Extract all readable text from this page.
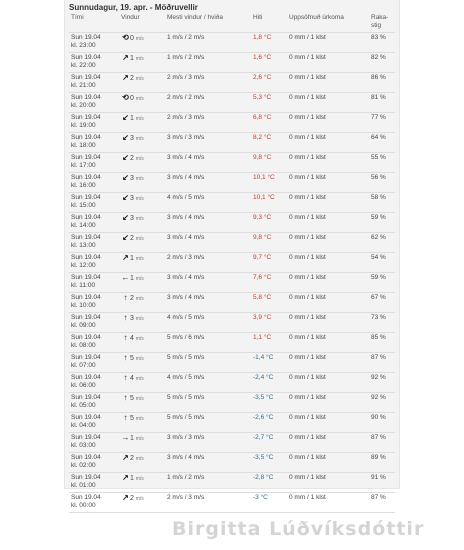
Sunnudagur, 19. apr. - Möðruvellir
Tími	Vindur	Mesti vindur / hviða	Hiti	Uppsöfnuð úrkoma	Raka-stig
Sun 19.04
kl. 23:00	⟲0 m/s	1 m/s / 2 m/s	1,8 °C	0 mm / 1 klst	83 %
Sun 19.04
kl. 22:00	↗1 m/s	1 m/s / 2 m/s	1,6 °C	0 mm / 1 klst	82 %
Sun 19.04
kl. 21:00	↗2 m/s	2 m/s / 3 m/s	2,6 °C	0 mm / 1 klst	86 %
Sun 19.04
kl. 20:00	⟲0 m/s	2 m/s / 2 m/s	5,3 °C	0 mm / 1 klst	81 %
Sun 19.04
kl. 19:00	↙1 m/s	2 m/s / 3 m/s	6,8 °C	0 mm / 1 klst	77 %
Sun 19.04
kl. 18:00	↙3 m/s	3 m/s / 3 m/s	8,2 °C	0 mm / 1 klst	64 %
Sun 19.04
kl. 17:00	↙2 m/s	3 m/s / 4 m/s	9,8 °C	0 mm / 1 klst	55 %
Sun 19.04
kl. 16:00	↙3 m/s	3 m/s / 4 m/s	10,1 °C	0 mm / 1 klst	56 %
Sun 19.04
kl. 15:00	↙3 m/s	4 m/s / 5 m/s	10,1 °C	0 mm / 1 klst	58 %
Sun 19.04
kl. 14:00	↙3 m/s	3 m/s / 4 m/s	9,3 °C	0 mm / 1 klst	59 %
Sun 19.04
kl. 13:00	↙2 m/s	3 m/s / 4 m/s	9,8 °C	0 mm / 1 klst	62 %
Sun 19.04
kl. 12:00	↗1 m/s	2 m/s / 3 m/s	9,7 °C	0 mm / 1 klst	54 %
Sun 19.04
kl. 11:00	←1 m/s	3 m/s / 4 m/s	7,6 °C	0 mm / 1 klst	59 %
Sun 19.04
kl. 10:00	↑ 2 m/s	3 m/s / 4 m/s	5,8 °C	0 mm / 1 klst	67 %
Sun 19.04
kl. 09:00	↑ 3 m/s	4 m/s / 5 m/s	3,9 °C	0 mm / 1 klst	73 %
Sun 19.04
kl. 08:00	↑ 4 m/s	5 m/s / 6 m/s	1,1 °C	0 mm / 1 klst	85 %
Sun 19.04
kl. 07:00	↑ 5 m/s	5 m/s / 5 m/s	-1,4 °C	0 mm / 1 klst	87 %
Sun 19.04
kl. 06:00	↑ 4 m/s	4 m/s / 5 m/s	-2,4 °C	0 mm / 1 klst	92 %
Sun 19.04
kl. 05:00	↑ 5 m/s	5 m/s / 5 m/s	-3,5 °C	0 mm / 1 klst	92 %
Sun 19.04
kl. 04:00	↑ 5 m/s	5 m/s / 5 m/s	-2,6 °C	0 mm / 1 klst	90 %
Sun 19.04
kl. 03:00	→1 m/s	3 m/s / 3 m/s	-2,7 °C	0 mm / 1 klst	87 %
Sun 19.04
kl. 02:00	↗2 m/s	3 m/s / 4 m/s	-3,5 °C	0 mm / 1 klst	89 %
Sun 19.04
kl. 01:00	↗1 m/s	1 m/s / 2 m/s	-2,8 °C	0 mm / 1 klst	91 %
Sun 19.04
kl. 00:00	↗2 m/s	2 m/s / 3 m/s	-3 °C	0 mm / 1 klst	87 %
Birgitta Lúðvíksdóttir
